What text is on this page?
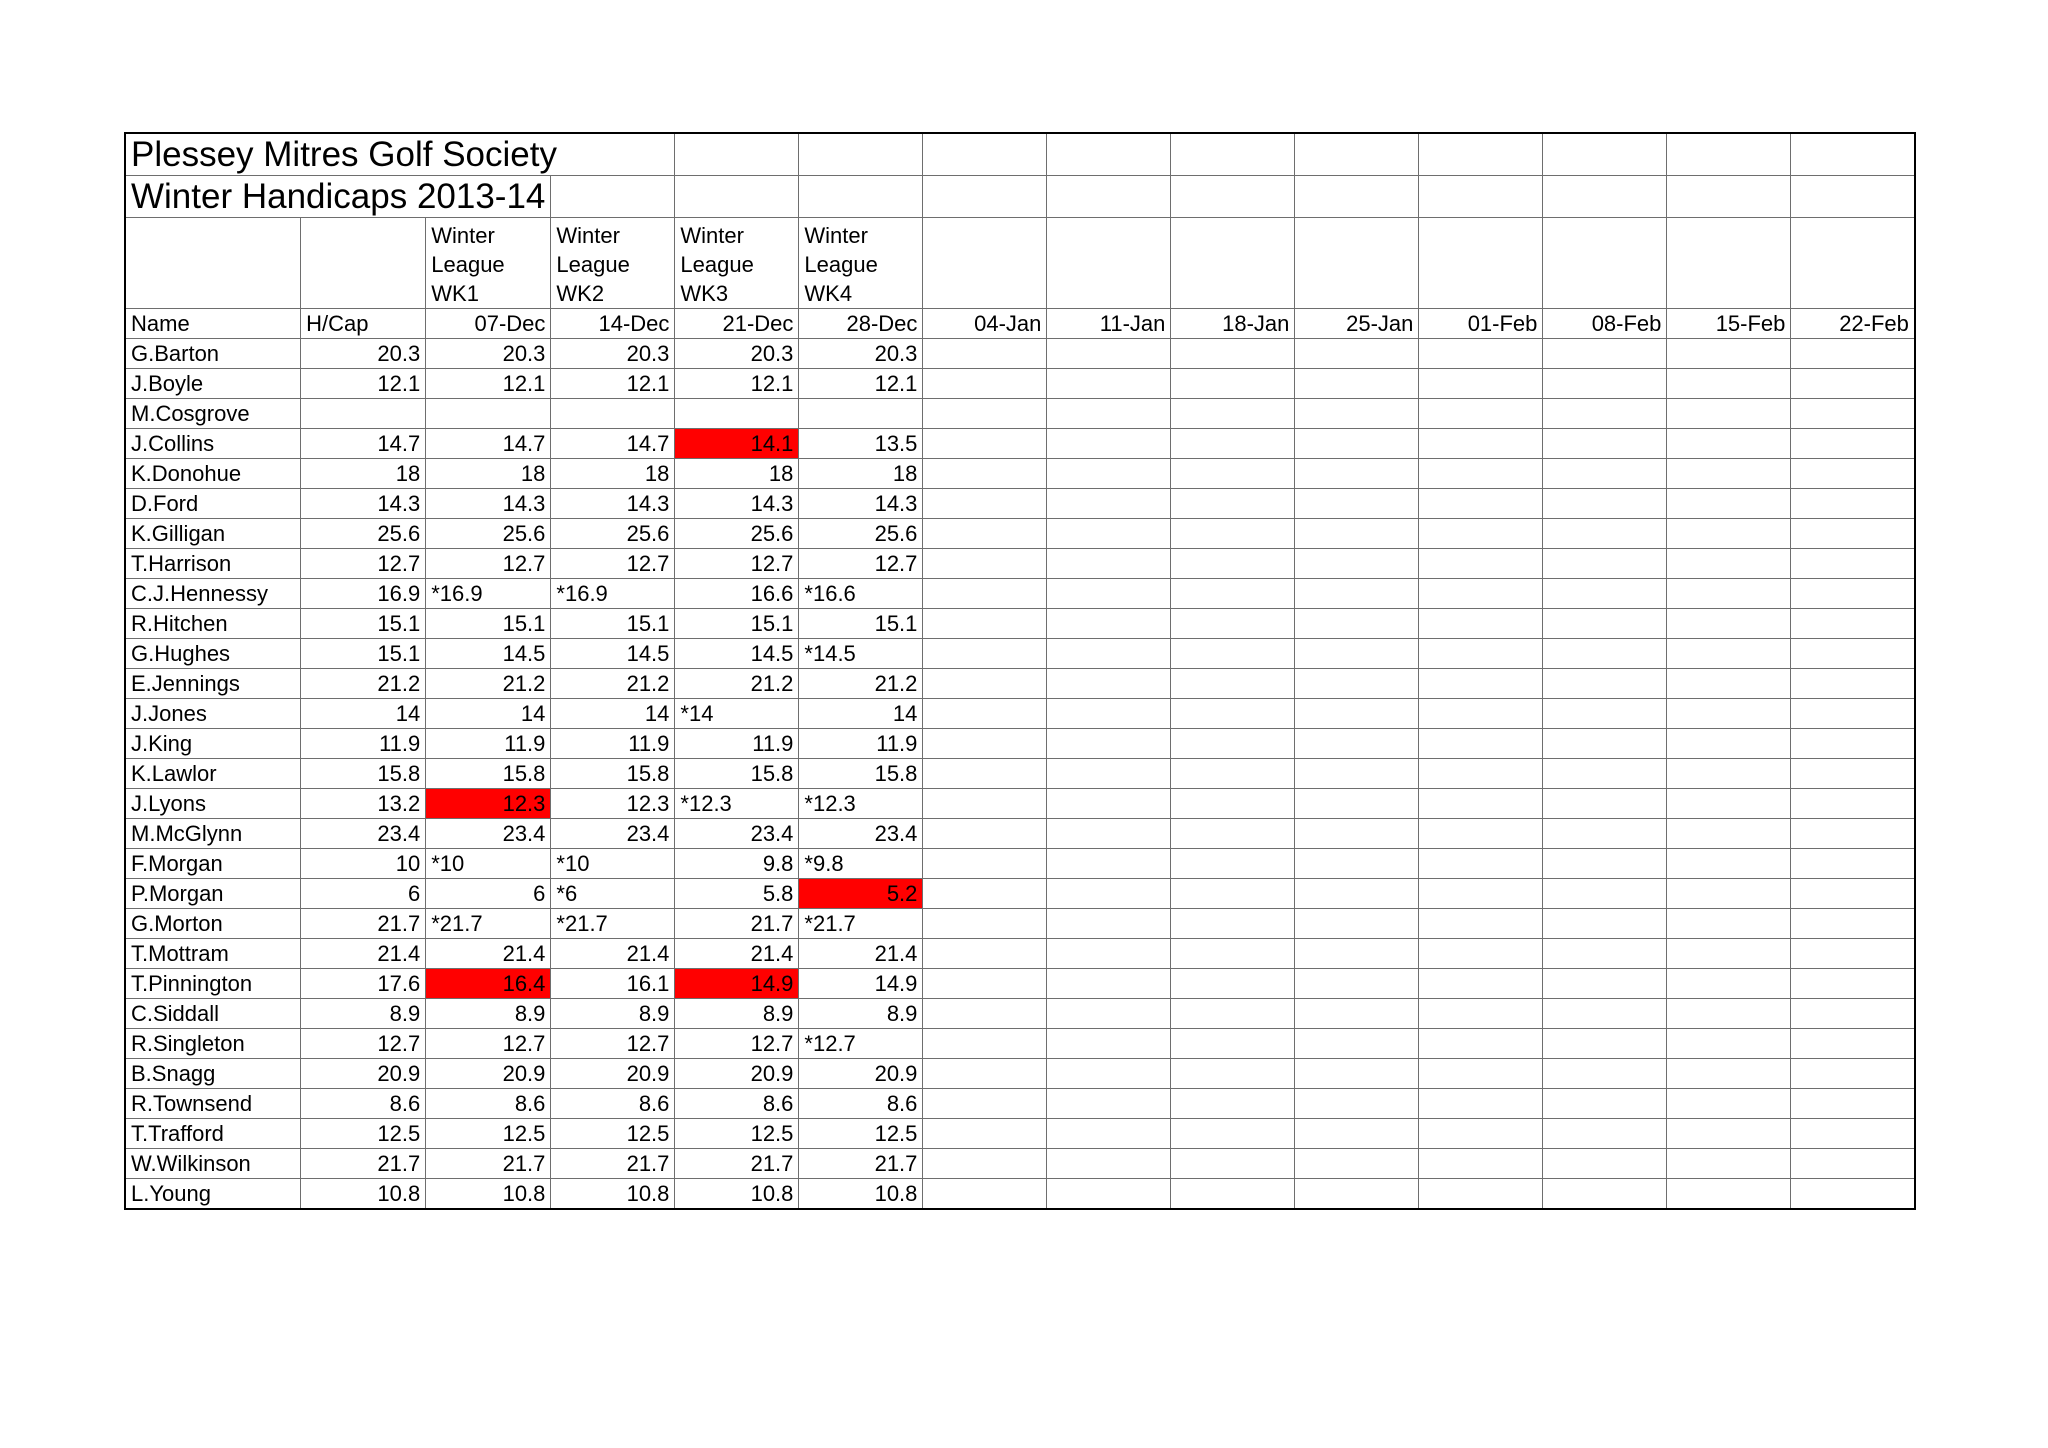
Plessey Mitres Golf Society													
Winter Handicaps 2013-14													
		Winter League WK1	Winter League WK2	Winter League WK3	Winter League WK4								
Name	H/Cap	07-Dec	14-Dec	21-Dec	28-Dec	04-Jan	11-Jan	18-Jan	25-Jan	01-Feb	08-Feb	15-Feb	22-Feb
G.Barton	20.3	20.3	20.3	20.3	20.3								
J.Boyle	12.1	12.1	12.1	12.1	12.1								
M.Cosgrove													
J.Collins	14.7	14.7	14.7	14.1	13.5								
K.Donohue	18	18	18	18	18								
D.Ford	14.3	14.3	14.3	14.3	14.3								
K.Gilligan	25.6	25.6	25.6	25.6	25.6								
T.Harrison	12.7	12.7	12.7	12.7	12.7								
C.J.Hennessy	16.9	*16.9	*16.9	16.6	*16.6								
R.Hitchen	15.1	15.1	15.1	15.1	15.1								
G.Hughes	15.1	14.5	14.5	14.5	*14.5								
E.Jennings	21.2	21.2	21.2	21.2	21.2								
J.Jones	14	14	14	*14	14								
J.King	11.9	11.9	11.9	11.9	11.9								
K.Lawlor	15.8	15.8	15.8	15.8	15.8								
J.Lyons	13.2	12.3	12.3	*12.3	*12.3								
M.McGlynn	23.4	23.4	23.4	23.4	23.4								
F.Morgan	10	*10	*10	9.8	*9.8								
P.Morgan	6	6	*6	5.8	5.2								
G.Morton	21.7	*21.7	*21.7	21.7	*21.7								
T.Mottram	21.4	21.4	21.4	21.4	21.4								
T.Pinnington	17.6	16.4	16.1	14.9	14.9								
C.Siddall	8.9	8.9	8.9	8.9	8.9								
R.Singleton	12.7	12.7	12.7	12.7	*12.7								
B.Snagg	20.9	20.9	20.9	20.9	20.9								
R.Townsend	8.6	8.6	8.6	8.6	8.6								
T.Trafford	12.5	12.5	12.5	12.5	12.5								
W.Wilkinson	21.7	21.7	21.7	21.7	21.7								
L.Young	10.8	10.8	10.8	10.8	10.8								
